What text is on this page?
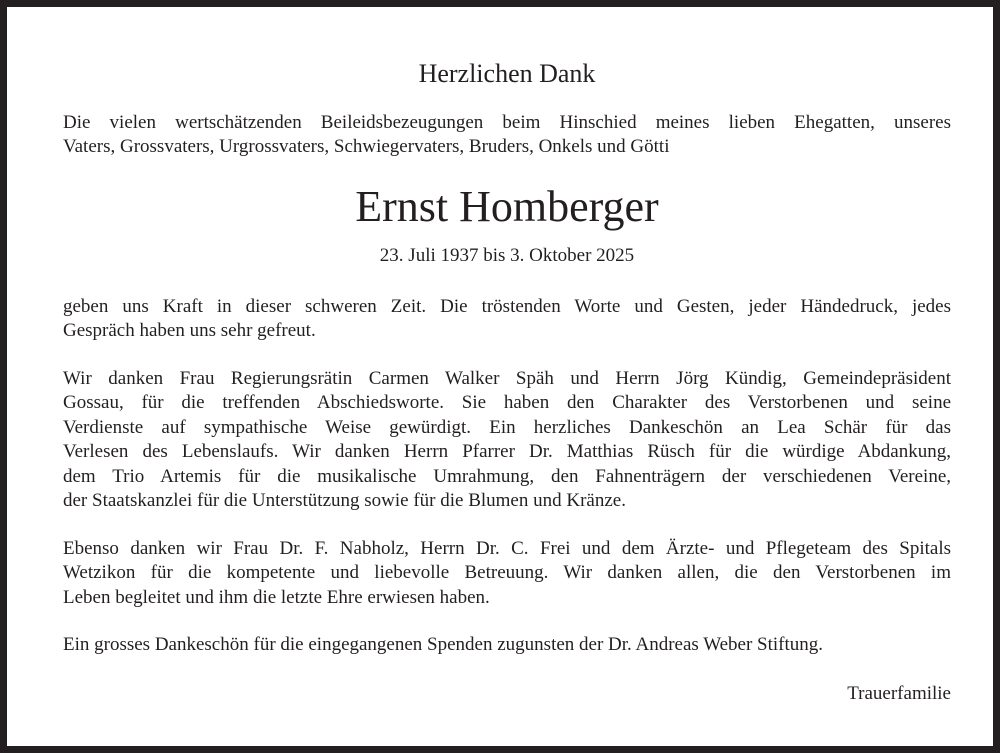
Herzlichen Dank
Die vielen wertschätzenden Beileidsbezeugungen beim Hinschied meines lieben Ehegatten, unseres
Vaters, Grossvaters, Urgrossvaters, Schwiegervaters, Bruders, Onkels und Götti
Ernst Homberger
23. Juli 1937 bis 3. Oktober 2025
geben uns Kraft in dieser schweren Zeit. Die tröstenden Worte und Gesten, jeder Händedruck, jedes
Gespräch haben uns sehr gefreut.
Wir danken Frau Regierungsrätin Carmen Walker Späh und Herrn Jörg Kündig, Gemeindepräsident
Gossau, für die treffenden Abschiedsworte. Sie haben den Charakter des Verstorbenen und seine
Verdienste auf sympathische Weise gewürdigt. Ein herzliches Dankeschön an Lea Schär für das
Verlesen des Lebenslaufs. Wir danken Herrn Pfarrer Dr. Matthias Rüsch für die würdige Abdankung,
dem Trio Artemis für die musikalische Umrahmung, den Fahnenträgern der verschiedenen Vereine,
der Staatskanzlei für die Unterstützung sowie für die Blumen und Kränze.
Ebenso danken wir Frau Dr. F. Nabholz, Herrn Dr. C. Frei und dem Ärzte- und Pflegeteam des Spitals
Wetzikon für die kompetente und liebevolle Betreuung. Wir danken allen, die den Verstorbenen im
Leben begleitet und ihm die letzte Ehre erwiesen haben.
Ein grosses Dankeschön für die eingegangenen Spenden zugunsten der Dr. Andreas Weber Stiftung.
Trauerfamilie
